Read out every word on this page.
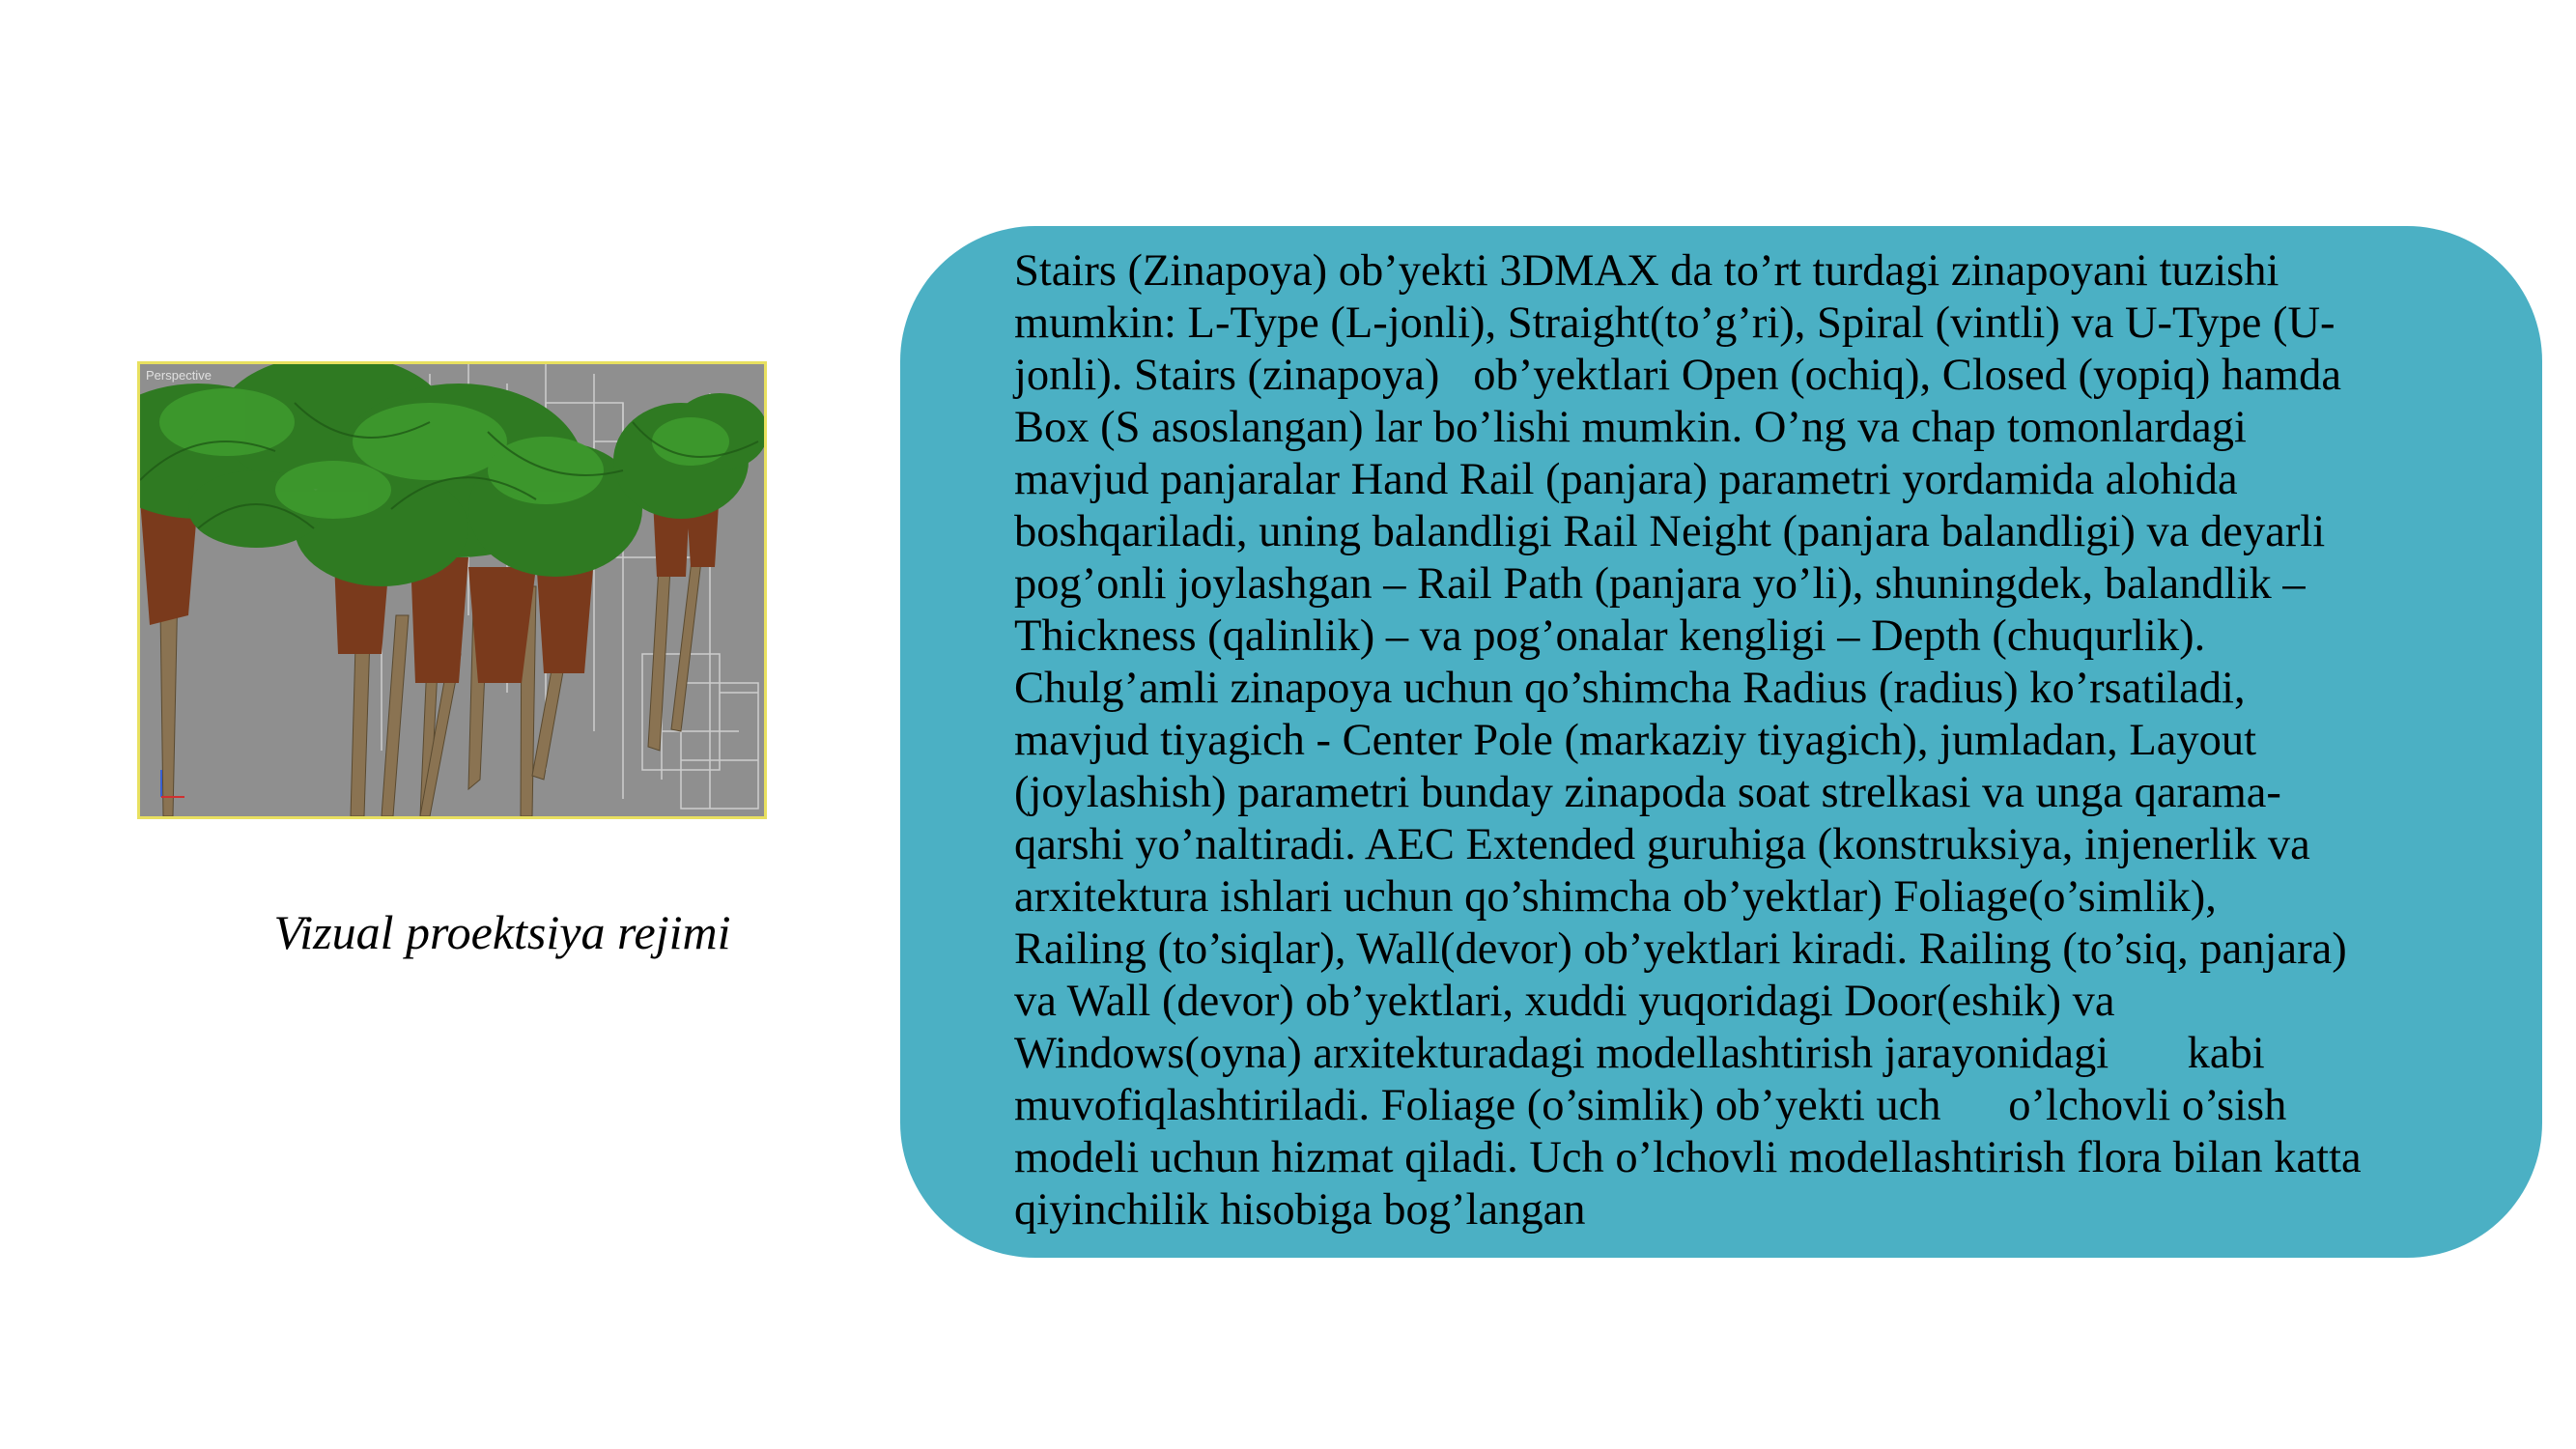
Perspective

Vizual proektsiya rejimi

Stairs (Zinapoya) ob’yekti 3DMAX da to’rt turdagi zinapoyani tuzishi

mumkin: L-Type (L-jonli), Straight(to’g’ri), Spiral (vintli) va U-Type (U-

jonli). Stairs (zinapoya)   ob’yektlari Open (ochiq), Closed (yopiq) hamda

Box (S asoslangan) lar bo’lishi mumkin. O’ng va chap tomonlardagi

mavjud panjaralar Hand Rail (panjara) parametri yordamida alohida

boshqariladi, uning balandligi Rail Neight (panjara balandligi) va deyarli

pog’onli joylashgan – Rail Path (panjara yo’li), shuningdek, balandlik –

Thickness (qalinlik) – va pog’onalar kengligi – Depth (chuqurlik).

Chulg’amli zinapoya uchun qo’shimcha Radius (radius) ko’rsatiladi,

mavjud tiyagich - Center Pole (markaziy tiyagich), jumladan, Layout

(joylashish) parametri bunday zinapoda soat strelkasi va unga qarama-

qarshi yo’naltiradi. AEC Extended guruhiga (konstruksiya, injenerlik va

arxitektura ishlari uchun qo’shimcha ob’yektlar) Foliage(o’simlik),

Railing (to’siqlar), Wall(devor) ob’yektlari kiradi. Railing (to’siq, panjara)

va Wall (devor) ob’yektlari, xuddi yuqoridagi Door(eshik) va

Windows(oyna) arxitekturadagi modellashtirish jarayonidagi       kabi

muvofiqlashtiriladi. Foliage (o’simlik) ob’yekti uch      o’lchovli o’sish

modeli uchun hizmat qiladi. Uch o’lchovli modellashtirish flora bilan katta

qiyinchilik hisobiga bog’langan
